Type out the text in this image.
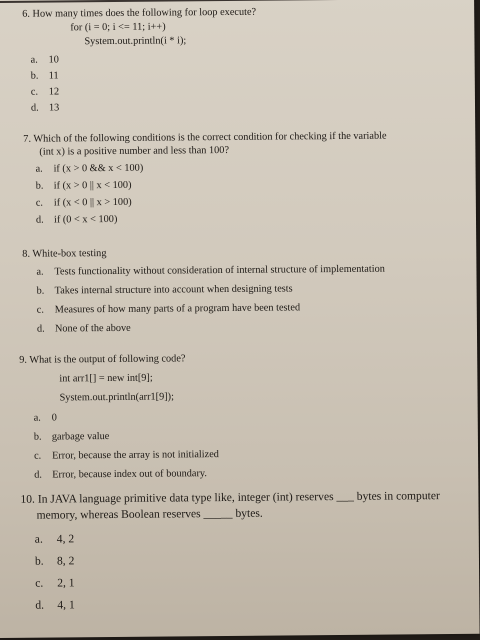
6. How many times does the following for loop execute?
for (i = 0; i <= 11; i++)
System.out.println(i * i);
a. 10
b. 11
c. 12
d. 13
7. Which of the following conditions is the correct condition for checking if the variable
(int x) is a positive number and less than 100?
a. if (x > 0 && x < 100)
b. if (x > 0 || x < 100)
c. if (x < 0 || x > 100)
d. if (0 < x < 100)
8. White-box testing
a. Tests functionality without consideration of internal structure of implementation
b. Takes internal structure into account when designing tests
c. Measures of how many parts of a program have been tested
d. None of the above
9. What is the output of following code?
int arr1[] = new int[9];
System.out.println(arr1[9]);
a. 0
b. garbage value
c. Error, because the array is not initialized
d. Error, because index out of boundary.
10. In JAVA language primitive data type like, integer (int) reserves ___ bytes in computer
memory, whereas Boolean reserves _____ bytes.
a. 4, 2
b. 8, 2
c. 2, 1
d. 4, 1
